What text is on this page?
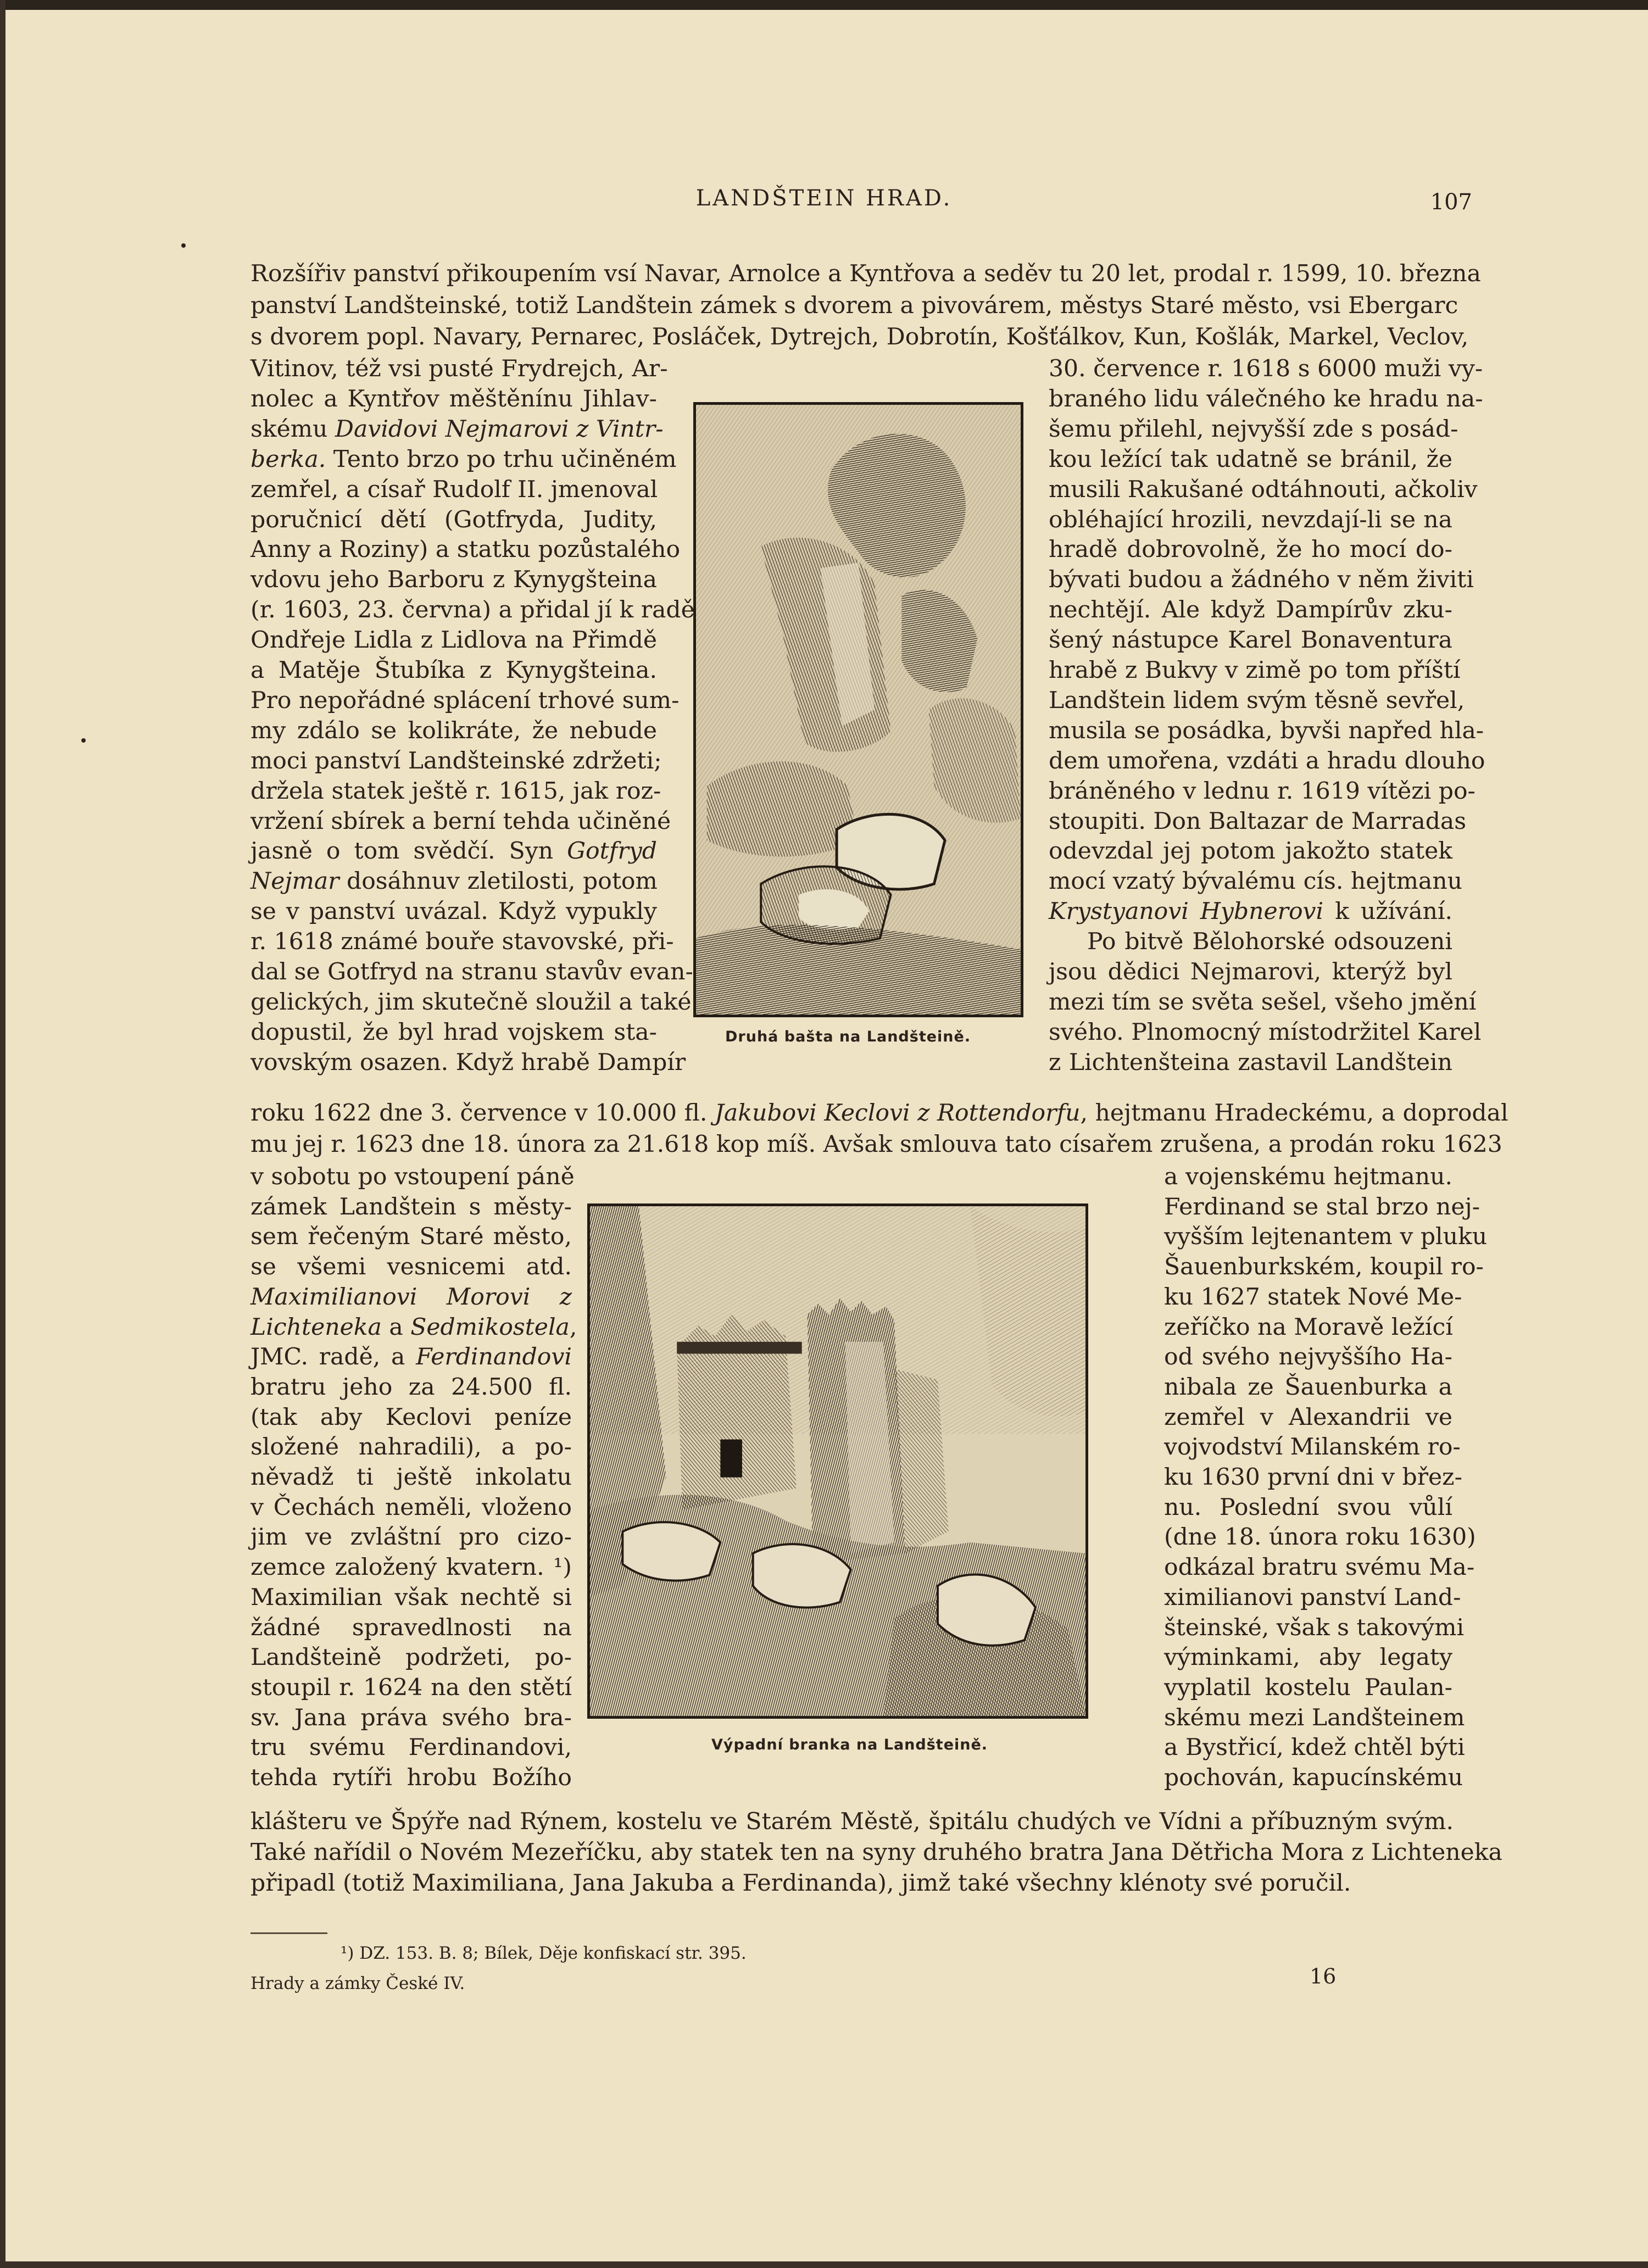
LANDŠTEIN HRAD.	107
Rozšířiv panství přikoupením vsí Navar, Arnolce a Kyntřova a seděv tu 20 let, prodal r. 1599, 10. března
panství Landšteinské, totiž Landštein zámek s dvorem a pivovárem, městys Staré město, vsi Ebergarc
s dvorem popl. Navary, Pernarec, Posláček, Dytrejch, Dobrotín, Košťálkov, Kun, Košlák, Markel, Veclov,
Vitinov, též vsi pusté Frydrejch, Ar-
nolec a Kyntřov měštěnínu Jihlav-
skému Davidovi Nejmarovi z Vintr-
berka. Tento brzo po trhu učiněném
zemřel, a císař Rudolf II. jmenoval
poručnicí dětí (Gotfryda, Judity,
Anny a Roziny) a statku pozůstalého
vdovu jeho Barboru z Kynygšteina
(r. 1603, 23. června) a přidal jí k radě
Ondřeje Lidla z Lidlova na Přimdě
a Matěje Štubíka z Kynygšteina.
Pro nepořádné splácení trhové sum-
my zdálo se kolikráte, že nebude
moci panství Landšteinské zdržeti;
držela statek ještě r. 1615, jak roz-
vržení sbírek a berní tehda učiněné
jasně o tom svědčí. Syn Gotfryd
Nejmar dosáhnuv zletilosti, potom
se v panství uvázal. Když vypukly
r. 1618 známé bouře stavovské, při-
dal se Gotfryd na stranu stavův evan-
gelických, jim skutečně sloužil a také
dopustil, že byl hrad vojskem sta-
vovským osazen. Když hrabě Dampír
30. července r. 1618 s 6000 muži vy-
braného lidu válečného ke hradu na-
šemu přilehl, nejvyšší zde s posád-
kou ležící tak udatně se bránil, že
musili Rakušané odtáhnouti, ačkoliv
obléhající hrozili, nevzdají-li se na
hradě dobrovolně, že ho mocí do-
bývati budou a žádného v něm živiti
nechtějí. Ale když Dampírův zku-
šený nástupce Karel Bonaventura
hrabě z Bukvy v zimě po tom příští
Landštein lidem svým těsně sevřel,
musila se posádka, byvši napřed hla-
dem umořena, vzdáti a hradu dlouho
bráněného v lednu r. 1619 vítězi po-
stoupiti. Don Baltazar de Marradas
odevzdal jej potom jakožto statek
mocí vzatý bývalému cís. hejtmanu
Krystyanovi Hybnerovi k užívání.
Po bitvě Bělohorské odsouzeni
jsou dědici Nejmarovi, kterýž byl
mezi tím se světa sešel, všeho jmění
svého. Plnomocný místodržitel Karel
z Lichtenšteina zastavil Landštein
roku 1622 dne 3. července v 10.000 fl. Jakubovi Keclovi z Rottendorfu, hejtmanu Hradeckému, a doprodal
mu jej r. 1623 dne 18. února za 21.618 kop míš. Avšak smlouva tato císařem zrušena, a prodán roku 1623
v sobotu po vstoupení páně
zámek Landštein s městy-
sem řečeným Staré město,
se všemi vesnicemi atd.
Maximilianovi Morovi z
Lichteneka a Sedmikostela,
JMC. radě, a Ferdinandovi
bratru jeho za 24.500 fl.
(tak aby Keclovi peníze
složené nahradili), a po-
něvadž ti ještě inkolatu
v Čechách neměli, vloženo
jim ve zvláštní pro cizo-
zemce založený kvatern. ¹)
Maximilian však nechtě si
žádné spravedlnosti na
Landšteině podržeti, po-
stoupil r. 1624 na den stětí
sv. Jana práva svého bra-
tru svému Ferdinandovi,
tehda rytíři hrobu Božího
a vojenskému hejtmanu.
Ferdinand se stal brzo nej-
vyšším lejtenantem v pluku
Šauenburkském, koupil ro-
ku 1627 statek Nové Me-
zeříčko na Moravě ležící
od svého nejvyššího Ha-
nibala ze Šauenburka a
zemřel v Alexandrii ve
vojvodství Milanském ro-
ku 1630 první dni v břez-
nu. Poslední svou vůlí
(dne 18. února roku 1630)
odkázal bratru svému Ma-
ximilianovi panství Land-
šteinské, však s takovými
výminkami, aby legaty
vyplatil kostelu Paulan-
skému mezi Landšteinem
a Bystřicí, kdež chtěl býti
pochován, kapucínskému
klášteru ve Špýře nad Rýnem, kostelu ve Starém Městě, špitálu chudých ve Vídni a příbuzným svým.
Také nařídil o Novém Mezeříčku, aby statek ten na syny druhého bratra Jana Dětřicha Mora z Lichteneka
připadl (totiž Maximiliana, Jana Jakuba a Ferdinanda), jimž také všechny klénoty své poručil.
Druhá bašta na Landšteině.
Výpadní branka na Landšteině.
¹) DZ. 153. B. 8; Bílek, Děje konfiskací str. 395.
Hrady a zámky České IV.	16
